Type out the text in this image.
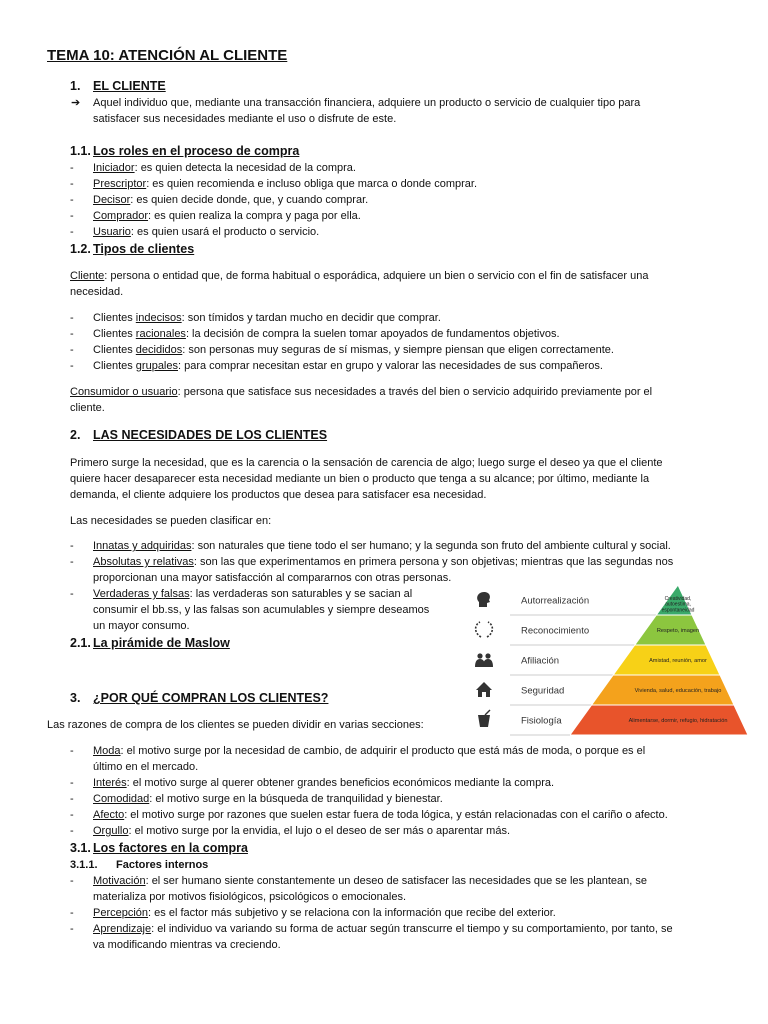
TEMA 10: ATENCIÓN AL CLIENTE
1. EL CLIENTE
➔ Aquel individuo que, mediante una transacción financiera, adquiere un producto o servicio de cualquier tipo para
satisfacer sus necesidades mediante el uso o disfrute de este.
1.1. Los roles en el proceso de compra
- Iniciador: es quien detecta la necesidad de la compra.
- Prescriptor: es quien recomienda e incluso obliga que marca o donde comprar.
- Decisor: es quien decide donde, que, y cuando comprar.
- Comprador: es quien realiza la compra y paga por ella.
- Usuario: es quien usará el producto o servicio.
1.2. Tipos de clientes
Cliente: persona o entidad que, de forma habitual o esporádica, adquiere un bien o servicio con el fin de satisfacer una
necesidad.
- Clientes indecisos: son tímidos y tardan mucho en decidir que comprar.
- Clientes racionales: la decisión de compra la suelen tomar apoyados de fundamentos objetivos.
- Clientes decididos: son personas muy seguras de sí mismas, y siempre piensan que eligen correctamente.
- Clientes grupales: para comprar necesitan estar en grupo y valorar las necesidades de sus compañeros.
Consumidor o usuario: persona que satisface sus necesidades a través del bien o servicio adquirido previamente por el
cliente.
2. LAS NECESIDADES DE LOS CLIENTES
Primero surge la necesidad, que es la carencia o la sensación de carencia de algo; luego surge el deseo ya que el cliente
quiere hacer desaparecer esta necesidad mediante un bien o producto que tenga a su alcance; por último, mediante la
demanda, el cliente adquiere los productos que desea para satisfacer esa necesidad.
Las necesidades se pueden clasificar en:
- Innatas y adquiridas: son naturales que tiene todo el ser humano; y la segunda son fruto del ambiente cultural y social.
- Absolutas y relativas: son las que experimentamos en primera persona y son objetivas; mientras que las segundas nos
proporcionan una mayor satisfacción al compararnos con otras personas.
- Verdaderas y falsas: las verdaderas son saturables y se sacian al
consumir el bb.ss, y las falsas son acumulables y siempre deseamos
un mayor consumo.
2.1. La pirámide de Maslow
Creatividad,
autoestima,
espontaneidad
Autorrealización
Respeto, imagen
Reconocimiento
Amistad, reunión, amor
Afiliación
Vivienda, salud, educación, trabajo
Seguridad
Alimentarse, dormir, refugio, hidratación
Fisiología
3. ¿POR QUÉ COMPRAN LOS CLIENTES?
Las razones de compra de los clientes se pueden dividir en varias secciones:
- Moda: el motivo surge por la necesidad de cambio, de adquirir el producto que está más de moda, o porque es el
último en el mercado.
- Interés: el motivo surge al querer obtener grandes beneficios económicos mediante la compra.
- Comodidad: el motivo surge en la búsqueda de tranquilidad y bienestar.
- Afecto: el motivo surge por razones que suelen estar fuera de toda lógica, y están relacionadas con el cariño o afecto.
- Orgullo: el motivo surge por la envidia, el lujo o el deseo de ser más o aparentar más.
3.1. Los factores en la compra
3.1.1. Factores internos
- Motivación: el ser humano siente constantemente un deseo de satisfacer las necesidades que se les plantean, se
materializa por motivos fisiológicos, psicológicos o emocionales.
- Percepción: es el factor más subjetivo y se relaciona con la información que recibe del exterior.
- Aprendizaje: el individuo va variando su forma de actuar según transcurre el tiempo y su comportamiento, por tanto, se
va modificando mientras va creciendo.
